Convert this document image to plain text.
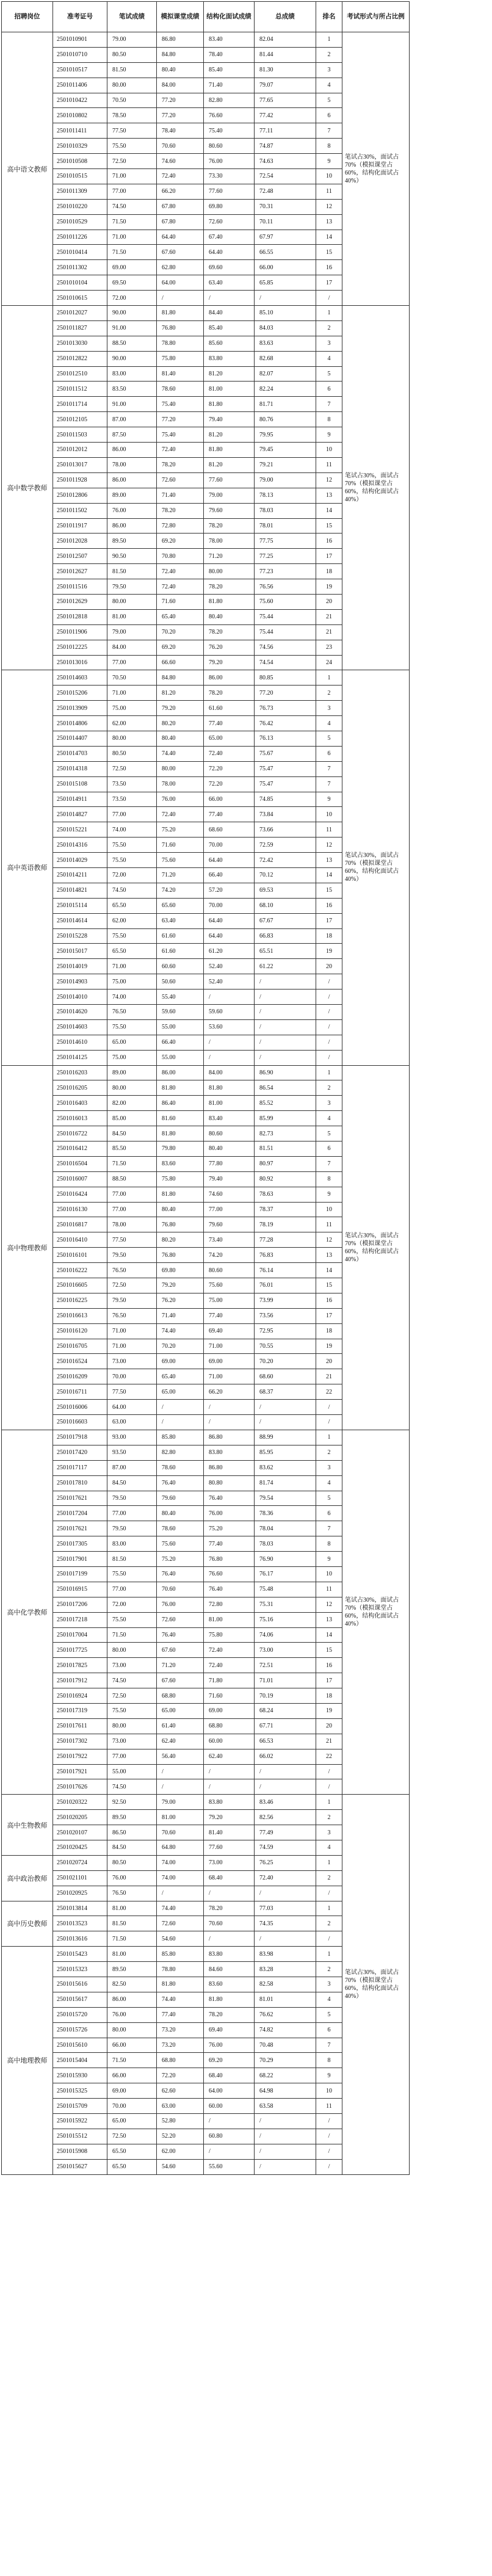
招聘岗位	准考证号	笔试成绩	模拟课堂成绩	结构化面试成绩	总成绩	排名	考试形式与所占比例
高中语文教师	2501010901	79.00	86.80	83.40	82.04	1	笔试占30%，面试占70%（模拟课堂占60%，结构化面试占40%）
	2501010710	80.50	84.80	78.40	81.44	2	
	2501010517	81.50	80.40	85.40	81.30	3	
	2501011406	80.00	84.00	71.40	79.07	4	
	2501010422	70.50	77.20	82.80	77.65	5	
	2501010802	78.50	77.20	76.60	77.42	6	
	2501011411	77.50	78.40	75.40	77.11	7	
	2501010329	75.50	70.60	80.60	74.87	8	
	2501010508	72.50	74.60	76.00	74.63	9	
	2501010515	71.00	72.40	73.30	72.54	10	
	2501011309	77.00	66.20	77.60	72.48	11	
	2501010220	74.50	67.80	69.80	70.31	12	
	2501010529	71.50	67.80	72.60	70.11	13	
	2501011226	71.00	64.40	67.40	67.97	14	
	2501010414	71.50	67.60	64.40	66.55	15	
	2501011302	69.00	62.80	69.60	66.00	16	
	2501010104	69.50	64.00	63.40	65.85	17	
	2501010615	72.00	/	/	/	/	
高中数学教师	2501012027	90.00	81.80	84.40	85.10	1	笔试占30%，面试占70%（模拟课堂占60%，结构化面试占40%）
	2501011827	91.00	76.80	85.40	84.03	2	
	2501013030	88.50	78.80	85.60	83.63	3	
	2501012822	90.00	75.80	83.80	82.68	4	
	2501012510	83.00	81.40	81.20	82.07	5	
	2501011512	83.50	78.60	81.00	82.24	6	
	2501011714	91.00	75.40	81.80	81.71	7	
	2501012105	87.00	77.20	79.40	80.76	8	
	2501011503	87.50	75.40	81.20	79.95	9	
	2501012012	86.00	72.40	81.80	79.45	10	
	2501013017	78.00	78.20	81.20	79.21	11	
	2501011928	86.00	72.60	77.60	79.00	12	
	2501012806	89.00	71.40	79.00	78.13	13	
	2501011502	76.00	78.20	79.60	78.03	14	
	2501011917	86.00	72.80	78.20	78.01	15	
	2501012028	89.50	69.20	78.00	77.75	16	
	2501012507	90.50	70.80	71.20	77.25	17	
	2501012627	81.50	72.40	80.00	77.23	18	
	2501011516	79.50	72.40	78.20	76.56	19	
	2501012629	80.00	71.60	81.80	75.60	20	
	2501012818	81.00	65.40	80.40	75.44	21	
	2501011906	79.00	70.20	78.20	75.44	21	
	2501012225	84.00	69.20	76.20	74.56	23	
	2501013016	77.00	66.60	79.20	74.54	24	
高中英语教师	2501014603	70.50	84.80	86.00	80.85	1	笔试占30%，面试占70%（模拟课堂占60%，结构化面试占40%）
	2501015206	71.00	81.20	78.20	77.20	2	
	2501013909	75.00	79.20	61.60	76.73	3	
	2501014806	62.00	80.20	77.40	76.42	4	
	2501014407	80.00	80.40	65.00	76.13	5	
	2501014703	80.50	74.40	72.40	75.67	6	
	2501014318	72.50	80.00	72.20	75.47	7	
	2501015108	73.50	78.00	72.20	75.47	7	
	2501014911	73.50	76.00	66.00	74.85	9	
	2501014827	77.00	72.40	77.40	73.84	10	
	2501015221	74.00	75.20	68.60	73.66	11	
	2501014316	75.50	71.60	70.00	72.59	12	
	2501014029	75.50	75.60	64.40	72.42	13	
	2501014211	72.00	71.20	66.40	70.12	14	
	2501014821	74.50	74.20	57.20	69.53	15	
	2501015114	65.50	65.60	70.00	68.10	16	
	2501014614	62.00	63.40	64.40	67.67	17	
	2501015228	75.50	61.60	64.40	66.83	18	
	2501015017	65.50	61.60	61.20	65.51	19	
	2501014019	71.00	60.60	52.40	61.22	20	
	2501014903	75.00	50.60	52.40	/	/	
	2501014010	74.00	55.40	/	/	/	
	2501014620	76.50	59.60	59.60	/	/	
	2501014603	75.50	55.00	53.60	/	/	
	2501014610	65.00	66.40	/	/	/	
	2501014125	75.00	55.00	/	/	/	
高中物理教师	2501016203	89.00	86.00	84.00	86.90	1	笔试占30%，面试占70%（模拟课堂占60%，结构化面试占40%）
	2501016205	80.00	81.80	81.80	86.54	2	
	2501016403	82.00	86.40	81.00	85.52	3	
	2501016013	85.00	81.60	83.40	85.99	4	
	2501016722	84.50	81.80	80.60	82.73	5	
	2501016412	85.50	79.80	80.40	81.51	6	
	2501016504	71.50	83.60	77.80	80.97	7	
	2501016007	88.50	75.80	79.40	80.92	8	
	2501016424	77.00	81.80	74.60	78.63	9	
	2501016130	77.00	80.40	77.00	78.37	10	
	2501016817	78.00	76.80	79.60	78.19	11	
	2501016410	77.50	80.20	73.40	77.28	12	
	2501016101	79.50	76.80	74.20	76.83	13	
	2501016222	76.50	69.80	80.60	76.14	14	
	2501016605	72.50	79.20	75.60	76.01	15	
	2501016225	79.50	76.20	75.00	73.99	16	
	2501016613	76.50	71.40	77.40	73.56	17	
	2501016120	71.00	74.40	69.40	72.95	18	
	2501016705	71.00	70.20	71.00	70.55	19	
	2501016524	73.00	69.00	69.00	70.20	20	
	2501016209	70.00	65.40	71.00	68.60	21	
	2501016711	77.50	65.00	66.20	68.37	22	
	2501016006	64.00	/	/	/	/	
	2501016603	63.00	/	/	/	/	
高中化学教师	2501017918	93.00	85.80	86.80	88.99	1	笔试占30%，面试占70%（模拟课堂占60%，结构化面试占40%）
	2501017420	93.50	82.80	83.80	85.95	2	
	2501017117	87.00	78.60	86.80	83.62	3	
	2501017810	84.50	76.40	80.80	81.74	4	
	2501017621	79.50	79.60	76.40	79.54	5	
	2501017204	77.00	80.40	76.00	78.36	6	
	2501017621	79.50	78.60	75.20	78.04	7	
	2501017305	83.00	75.60	77.40	78.03	8	
	2501017901	81.50	75.20	76.80	76.90	9	
	2501017199	75.50	76.40	76.60	76.17	10	
	2501016915	77.00	70.60	76.40	75.48	11	
	2501017206	72.00	76.00	72.80	75.31	12	
	2501017218	75.50	72.60	81.00	75.16	13	
	2501017004	71.50	76.40	75.80	74.06	14	
	2501017725	80.00	67.60	72.40	73.00	15	
	2501017825	73.00	71.20	72.40	72.51	16	
	2501017912	74.50	67.60	71.80	71.01	17	
	2501016924	72.50	68.80	71.60	70.19	18	
	2501017319	75.50	65.00	69.00	68.24	19	
	2501017611	80.00	61.40	68.80	67.71	20	
	2501017302	73.00	62.40	60.00	66.53	21	
	2501017922	77.00	56.40	62.40	66.02	22	
	2501017921	55.00	/	/	/	/	
	2501017626	74.50	/	/	/	/	
高中生物教师	2501020322	92.50	79.00	83.80	83.46	1	笔试占30%，面试占70%（模拟课堂占60%，结构化面试占40%）
	2501020205	89.50	81.00	79.20	82.56	2	
	2501020107	86.50	70.60	81.40	77.49	3	
	2501020425	84.50	64.80	77.60	74.59	4	
高中政治教师	2501020724	80.50	74.00	73.00	76.25	1	
	2501021101	76.00	74.00	68.40	72.40	2	
	2501020925	76.50	/	/	/	/	
高中历史教师	2501013814	81.00	74.40	78.20	77.03	1	
	2501013523	81.50	72.60	70.60	74.35	2	
	2501013616	71.50	54.60	/	/	/	
高中地理教师	2501015423	81.00	85.80	83.80	83.98	1	
	2501015323	89.50	78.80	84.60	83.28	2	
	2501015616	82.50	81.80	83.60	82.58	3	
	2501015617	86.00	74.40	81.80	81.01	4	
	2501015720	76.00	77.40	78.20	76.62	5	
	2501015726	80.00	73.20	69.40	74.82	6	
	2501015610	66.00	73.20	76.00	70.48	7	
	2501015404	71.50	68.80	69.20	70.29	8	
	2501015930	66.00	72.20	68.40	68.22	9	
	2501015325	69.00	62.60	64.00	64.98	10	
	2501015709	70.00	63.00	60.00	63.58	11	
	2501015922	65.00	52.80	/	/	/	
	2501015512	72.50	52.20	60.80	/	/	
	2501015908	65.50	62.00	/	/	/	
	2501015627	65.50	54.60	55.60	/	/	
